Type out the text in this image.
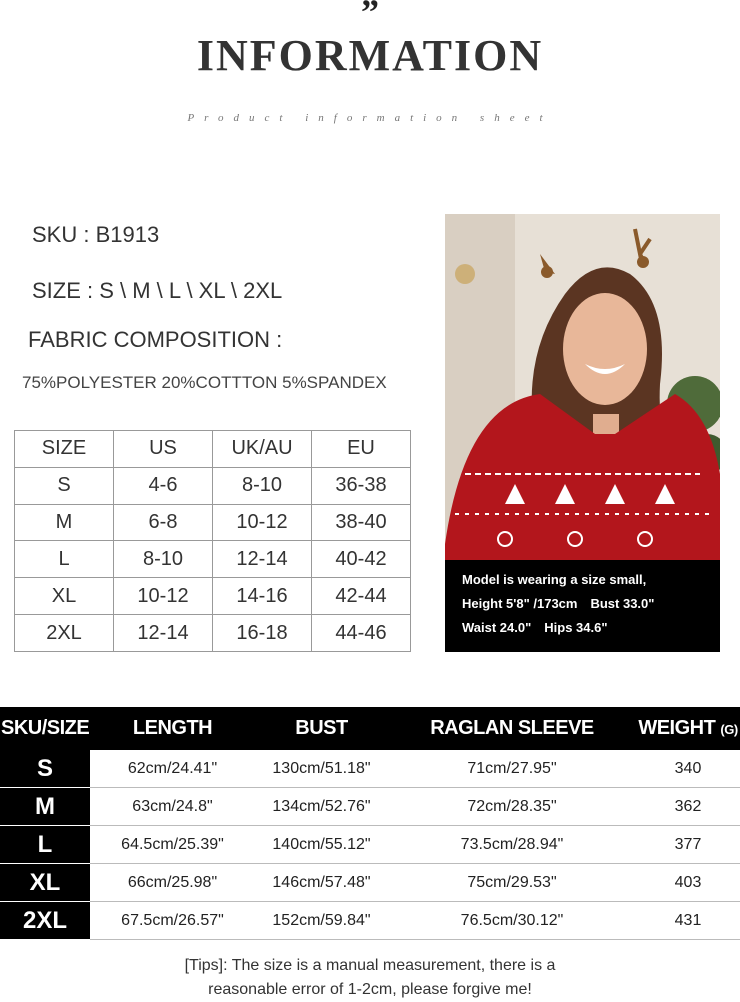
”
INFORMATION
Product information sheet
SKU : B1913
SIZE : S \ M \ L \ XL \ 2XL
FABRIC COMPOSITION :
75%POLYESTER 20%COTTTON 5%SPANDEX
SIZE	US	UK/AU	EU
S	4-6	8-10	36-38
M	6-8	10-12	38-40
L	8-10	12-14	40-42
XL	10-12	14-16	42-44
2XL	12-14	16-18	44-46
Model is wearing a size small,
Height 5'8" /173cm　Bust 33.0"
Waist 24.0"　Hips 34.6"
SKU/SIZE	LENGTH	BUST	RAGLAN SLEEVE	WEIGHT (G)
S	62cm/24.41"	130cm/51.18"	71cm/27.95"	340
M	63cm/24.8"	134cm/52.76"	72cm/28.35"	362
L	64.5cm/25.39"	140cm/55.12"	73.5cm/28.94"	377
XL	66cm/25.98"	146cm/57.48"	75cm/29.53"	403
2XL	67.5cm/26.57"	152cm/59.84"	76.5cm/30.12"	431
[Tips]: The size is a manual measurement, there is a
reasonable error of 1-2cm, please forgive me!
